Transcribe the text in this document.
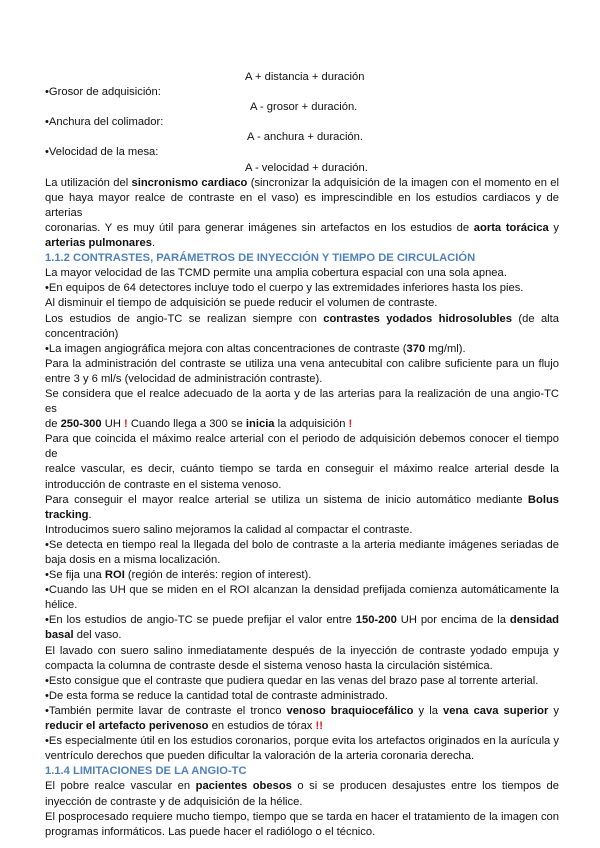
A + distancia + duración
•Grosor de adquisición:
A - grosor + duración.
•Anchura del colimador:
A - anchura + duración.
•Velocidad de la mesa:
A - velocidad + duración.
La utilización del sincronismo cardiaco (sincronizar la adquisición de la imagen con el momento en el
que haya mayor realce de contraste en el vaso) es imprescindible en los estudios cardiacos y de arterias
coronarias. Y es muy útil para generar imágenes sin artefactos en los estudios de aorta torácica y
arterias pulmonares.
1.1.2 CONTRASTES, PARÁMETROS DE INYECCIÓN Y TIEMPO DE CIRCULACIÓN
La mayor velocidad de las TCMD permite una amplia cobertura espacial con una sola apnea.
•En equipos de 64 detectores incluye todo el cuerpo y las extremidades inferiores hasta los pies.
Al disminuir el tiempo de adquisición se puede reducir el volumen de contraste.
Los estudios de angio-TC se realizan siempre con contrastes yodados hidrosolubles (de alta
concentración)
•La imagen angiográfica mejora con altas concentraciones de contraste (370 mg/ml).
Para la administración del contraste se utiliza una vena antecubital con calibre suficiente para un flujo
entre 3 y 6 ml/s (velocidad de administración contraste).
Se considera que el realce adecuado de la aorta y de las arterias para la realización de una angio-TC es
de 250-300 UH ! Cuando llega a 300 se inicia la adquisición !
Para que coincida el máximo realce arterial con el periodo de adquisición debemos conocer el tiempo de
realce vascular, es decir, cuánto tiempo se tarda en conseguir el máximo realce arterial desde la
introducción de contraste en el sistema venoso.
Para conseguir el mayor realce arterial se utiliza un sistema de inicio automático mediante Bolus
tracking.
Introducimos suero salino mejoramos la calidad al compactar el contraste.
•Se detecta en tiempo real la llegada del bolo de contraste a la arteria mediante imágenes seriadas de
baja dosis en a misma localización.
•Se fija una ROI (región de interés: region of interest).
•Cuando las UH que se miden en el ROI alcanzan la densidad prefijada comienza automáticamente la
hélice.
•En los estudios de angio-TC se puede prefijar el valor entre 150-200 UH por encima de la densidad
basal del vaso.
El lavado con suero salino inmediatamente después de la inyección de contraste yodado empuja y
compacta la columna de contraste desde el sistema venoso hasta la circulación sistémica.
•Esto consigue que el contraste que pudiera quedar en las venas del brazo pase al torrente arterial.
•De esta forma se reduce la cantidad total de contraste administrado.
•También permite lavar de contraste el tronco venoso braquiocefálico y la vena cava superior y
reducir el artefacto perivenoso en estudios de tórax !!
•Es especialmente útil en los estudios coronarios, porque evita los artefactos originados en la aurícula y
ventrículo derechos que pueden dificultar la valoración de la arteria coronaria derecha.
1.1.4 LIMITACIONES DE LA ANGIO-TC
El pobre realce vascular en pacientes obesos o si se producen desajustes entre los tiempos de
inyección de contraste y de adquisición de la hélice.
El posprocesado requiere mucho tiempo, tiempo que se tarda en hacer el tratamiento de la imagen con
programas informáticos. Las puede hacer el radiólogo o el técnico.
